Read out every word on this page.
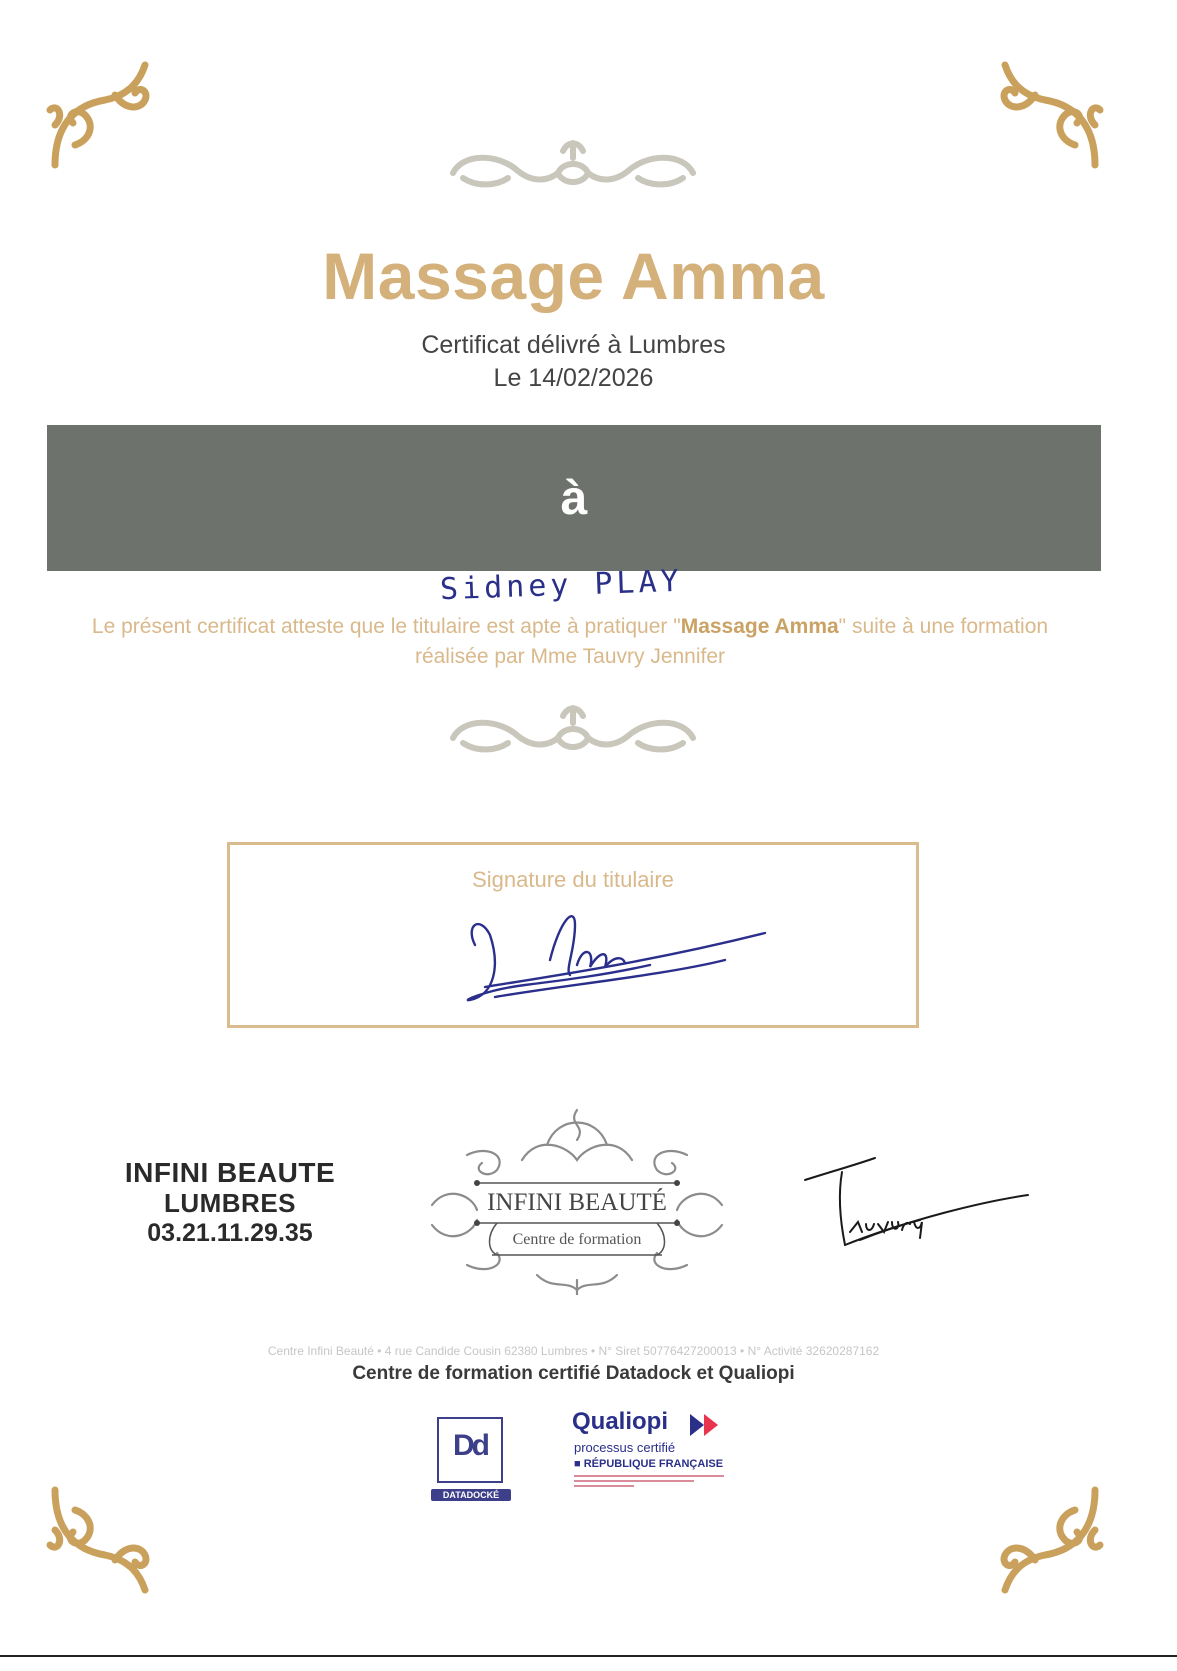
Massage Amma
Certificat délivré à Lumbres
Le 14/02/2026
à
Sidney PLAY
Le présent certificat atteste que le titulaire est apte à pratiquer "Massage Amma" suite à une formation réalisée par Mme Tauvry Jennifer
Signature du titulaire
INFINI BEAUTE
LUMBRES
03.21.11.29.35
INFINI BEAUTÉ
Centre de formation
Centre Infini Beauté • 4 rue Candide Cousin 62380 Lumbres • N° Siret 50776427200013 • N° Activité 32620287162
Centre de formation certifié Datadock et Qualiopi
Dd
DATADOCKÉ
Qualiopi
processus certifié
■ RÉPUBLIQUE FRANÇAISE
